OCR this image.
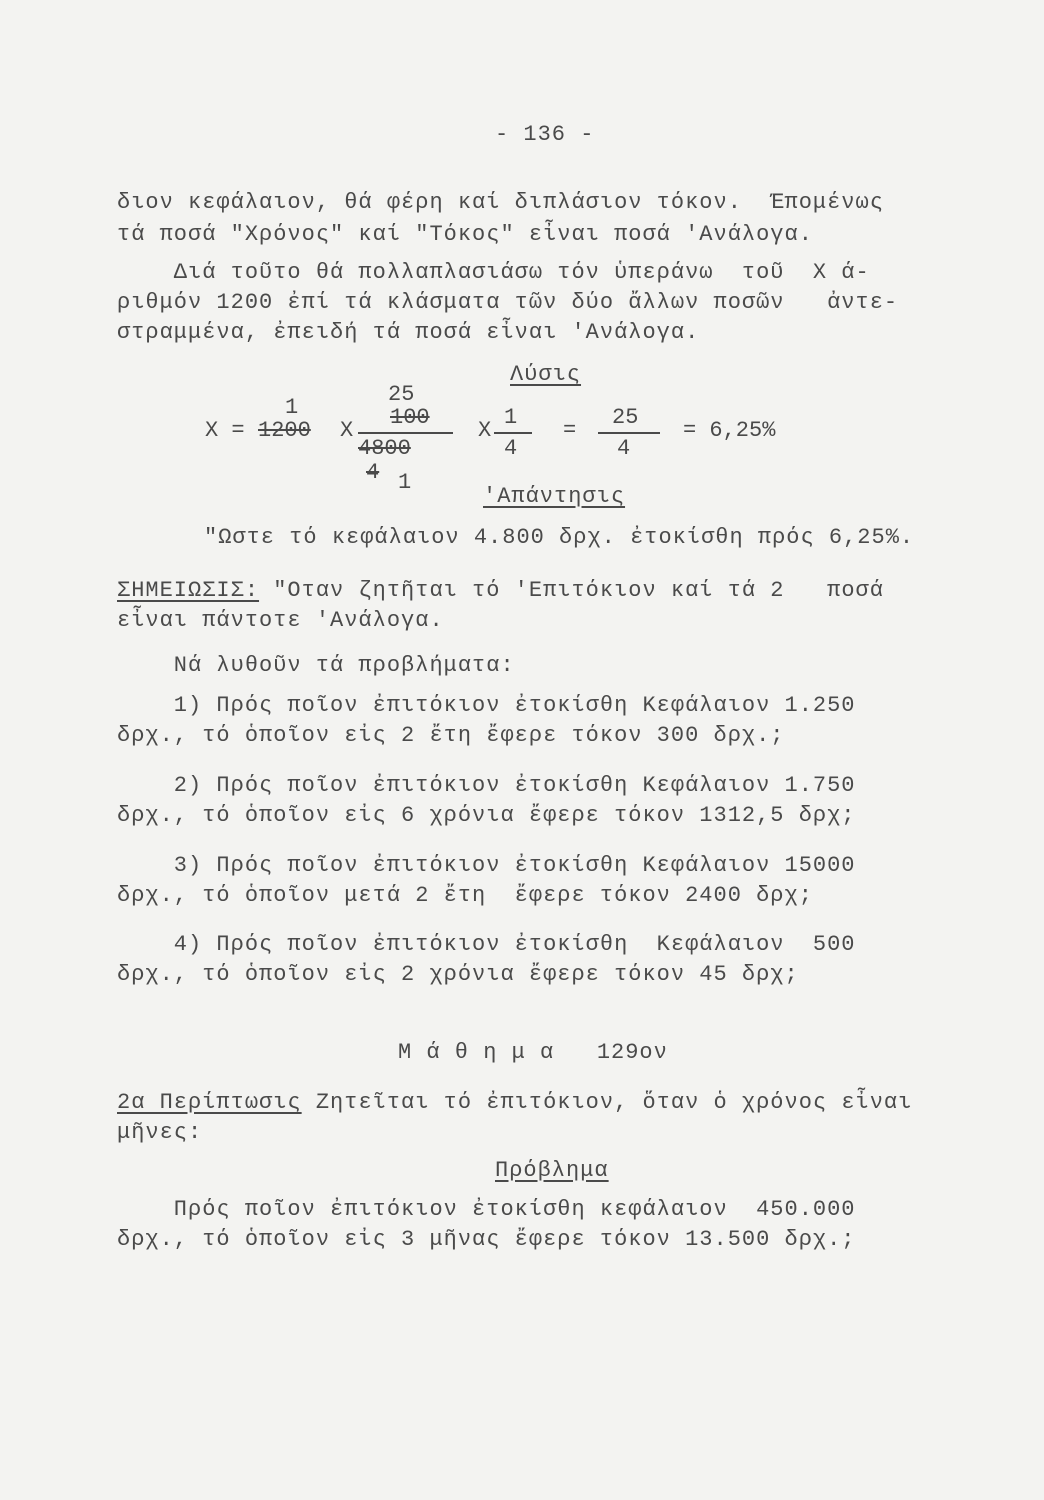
- 136 -
διον κεφάλαιον, θά φέρη καί διπλάσιον τόκον.  Έπομένως
τά ποσά "Χρόνος" καί "Τόκος" εἶναι ποσά 'Ανάλογα.
Διά τοῦτο θά πολλαπλασιάσω τόν ὑπεράνω  τοῦ  Χ ά-
ριθμόν 1200 ἐπί τά κλάσματα τῶν δύο ἄλλων ποσῶν   ἀντε-
στραμμένα, ἐπειδή τά ποσά εἶναι 'Ανάλογα.
Λύσις
Χ =
1
1200 Χ
25
100
4800
4 1
Χ
1
4
=
25
4
= 6,25%
'Απάντησις
"Ωστε τό κεφάλαιον 4.800 δρχ. ἐτοκίσθη πρός 6,25%.
ΣΗΜΕΙΩΣΙΣ: "Οταν ζητῆται τό 'Επιτόκιον καί τά 2   ποσά
εἶναι πάντοτε 'Ανάλογα.
Νά λυθοῦν τά προβλήματα:
1) Πρός ποῖον ἐπιτόκιον ἐτοκίσθη Κεφάλαιον 1.250
δρχ., τό ὁποῖον εἰς 2 ἔτη ἔφερε τόκον 300 δρχ.;
2) Πρός ποῖον ἐπιτόκιον ἐτοκίσθη Κεφάλαιον 1.750
δρχ., τό ὁποῖον εἰς 6 χρόνια ἔφερε τόκον 1312,5 δρχ;
3) Πρός ποῖον ἐπιτόκιον ἐτοκίσθη Κεφάλαιον 15000
δρχ., τό ὁποῖον μετά 2 ἔτη  ἔφερε τόκον 2400 δρχ;
4) Πρός ποῖον ἐπιτόκιον ἐτοκίσθη  Κεφάλαιον  500
δρχ., τό ὁποῖον εἰς 2 χρόνια ἔφερε τόκον 45 δρχ;
Μ ά θ η μ α   129ον
2α Περίπτωσις Ζητεῖται τό ἐπιτόκιον, ὅταν ὁ χρόνος εἶναι
μῆνες:
Πρόβλημα
Πρός ποῖον ἐπιτόκιον ἐτοκίσθη κεφάλαιον  450.000
δρχ., τό ὁποῖον εἰς 3 μῆνας ἔφερε τόκον 13.500 δρχ.;
